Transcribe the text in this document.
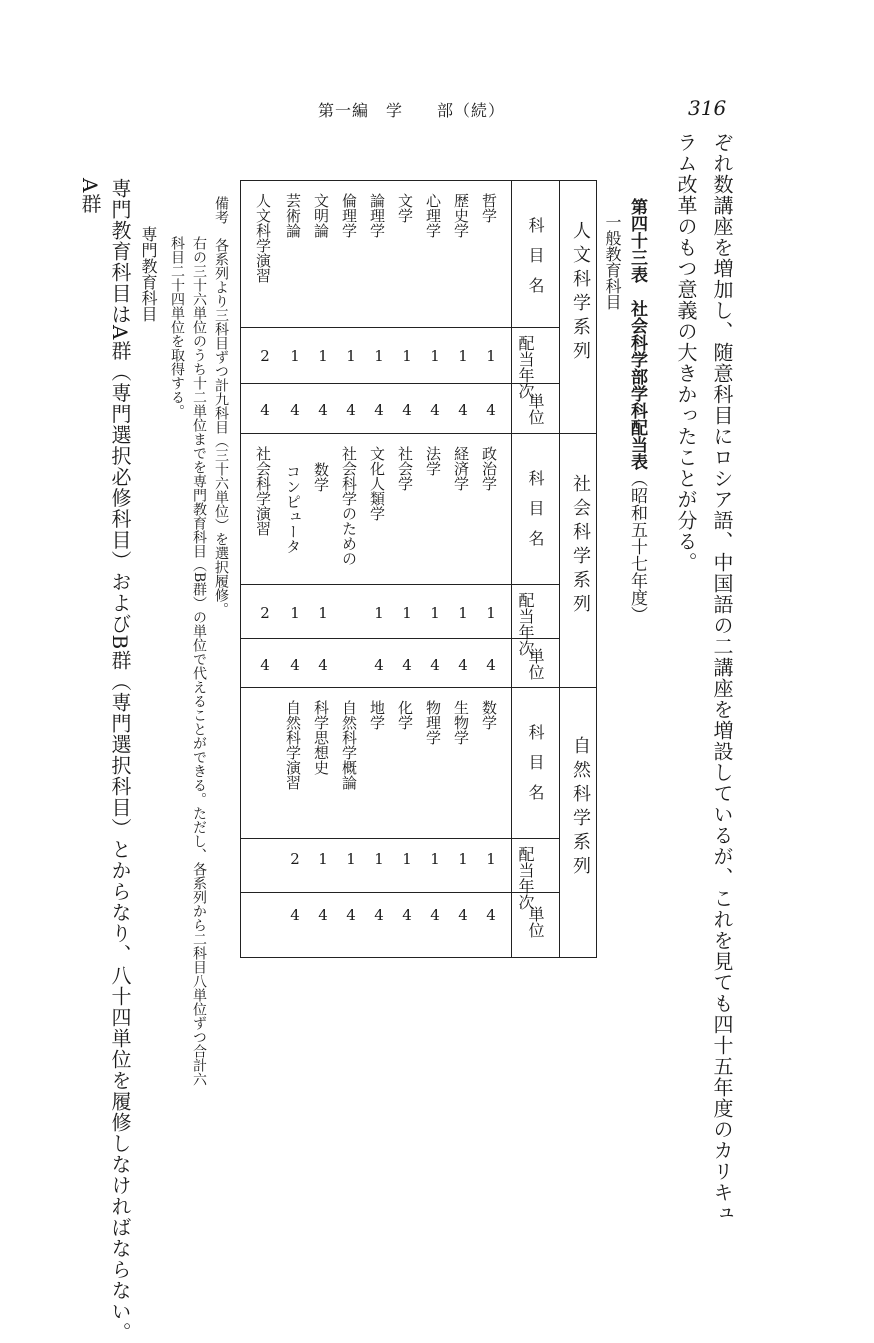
第一編　学　　部（続）	316
ぞれ数講座を増加し、随意科目にロシア語、中国語の二講座を増設しているが、これを見ても四十五年度のカリキュ
ラム改革のもつ意義の大きかったことが分る。
第四十三表　社会科学部学科配当表（昭和五十七年度）
一般教育科目
人文科学系列
科目名
配当年次
単位
哲学
歴史学
心理学
文学
論理学
倫理学
文明論
芸術論
人文科学演習
1
1
1
1
1
1
1
1
2
4
4
4
4
4
4
4
4
4
社会科学系列
科目名
配当年次
単位
政治学
経済学
法学
社会学
文化人類学
社会科学のための
数学
コンピュータ
社会科学演習
1
1
1
1
1
1
1
2
4
4
4
4
4
4
4
4
自然科学系列
科目名
配当年次
単位
数学
生物学
物理学
化学
地学
自然科学概論
科学思想史
自然科学演習
1
1
1
1
1
1
1
2
4
4
4
4
4
4
4
4
備考　各系列より三科目ずつ計九科目（三十六単位）を選択履修。
右の三十六単位のうち十二単位までを専門教育科目（B群）の単位で代えることができる。ただし、各系列から二科目八単位ずつ合計六
科目二十四単位を取得する。
専門教育科目
専門教育科目はA群（専門選択必修科目）およびB群（専門選択科目）とからなり、八十四単位を履修しなければならない。
A群
